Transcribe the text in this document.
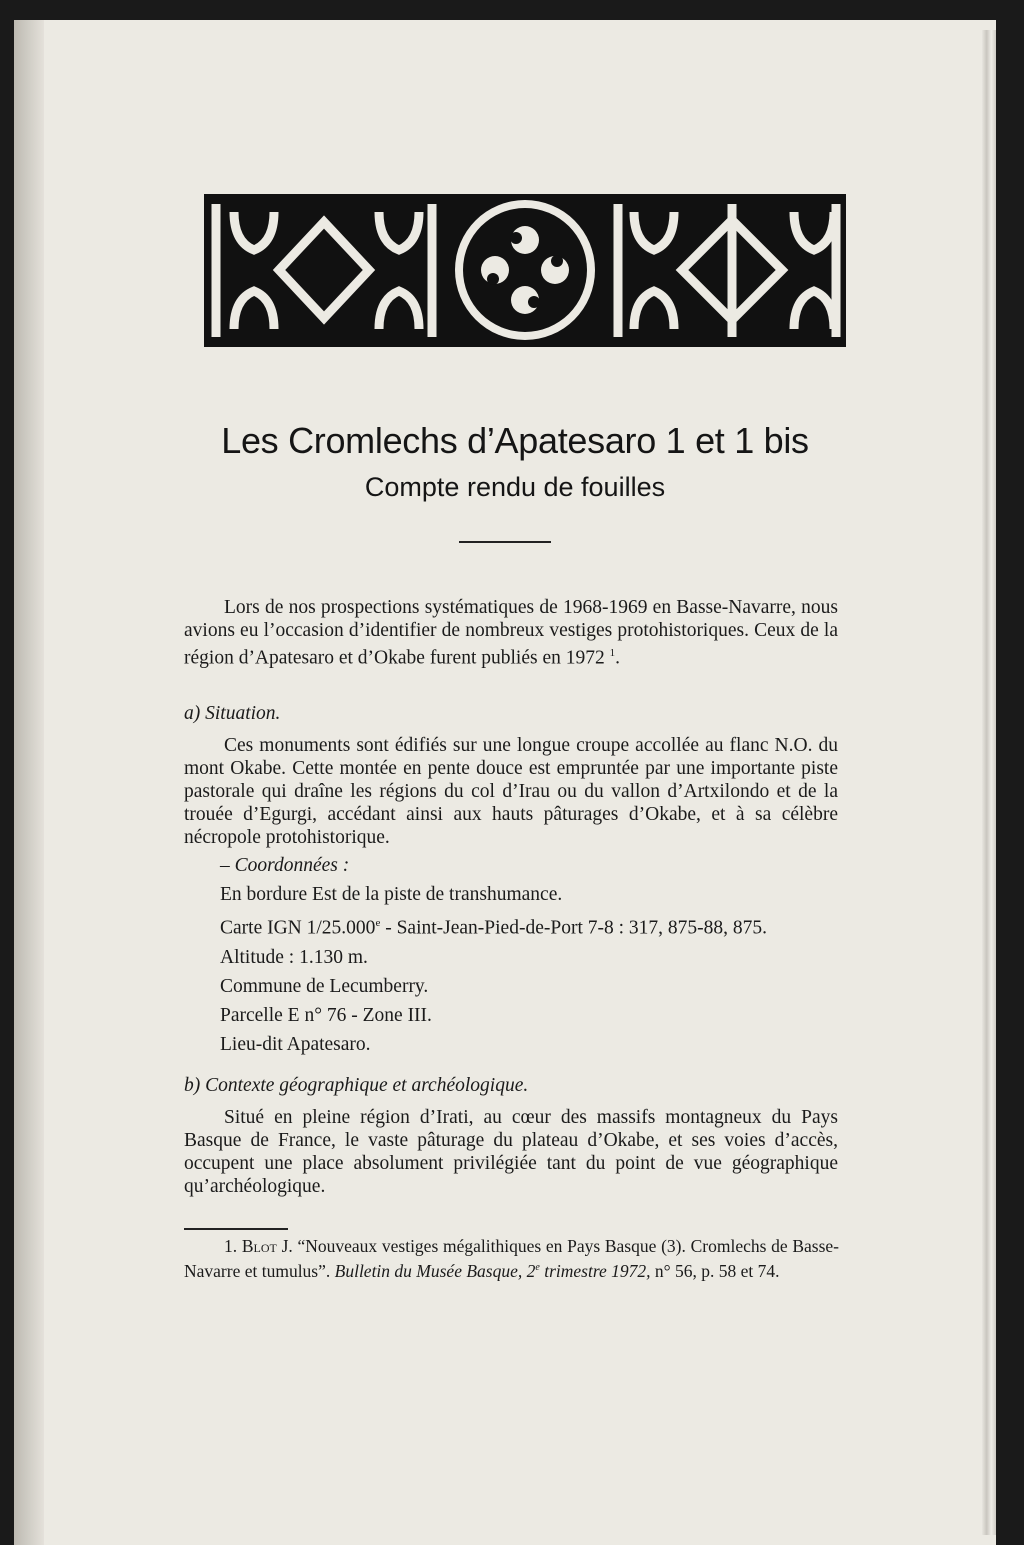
Les Cromlechs d’Apatesaro 1 et 1 bis
Compte rendu de fouilles

Lors de nos prospections systématiques de 1968-1969 en Basse-Navarre, nous avions eu l’occasion d’identifier de nombreux vestiges protohistoriques. Ceux de la région d’Apatesaro et d’Okabe furent publiés en 1972 $^1$.

a) Situation.

Ces monuments sont édifiés sur une longue croupe accollée au flanc N.O. du mont Okabe. Cette montée en pente douce est empruntée par une importante piste pastorale qui draîne les régions du col d’Irau ou du vallon d’Artxilondo et de la trouée d’Egurgi, accédant ainsi aux hauts pâturages d’Okabe, et à sa célèbre nécropole protohistorique.

– Coordonnées :

En bordure Est de la piste de transhumance.

Carte IGN 1/25.000e - Saint-Jean-Pied-de-Port 7-8 : 317, 875-88, 875.

Altitude : 1.130 m.

Commune de Lecumberry.

Parcelle E n° 76 - Zone III.

Lieu-dit Apatesaro.

b) Contexte géographique et archéologique.

Situé en pleine région d’Irati, au cœur des massifs montagneux du Pays Basque de France, le vaste pâturage du plateau d’Okabe, et ses voies d’accès, occupent une place absolument privilégiée tant du point de vue géographique qu’archéologique.

1. Blot J. “Nouveaux vestiges mégalithiques en Pays Basque (3). Cromlechs de Basse-Navarre et tumulus”. Bulletin du Musée Basque, 2e trimestre 1972, n° 56, p. 58 et 74.
